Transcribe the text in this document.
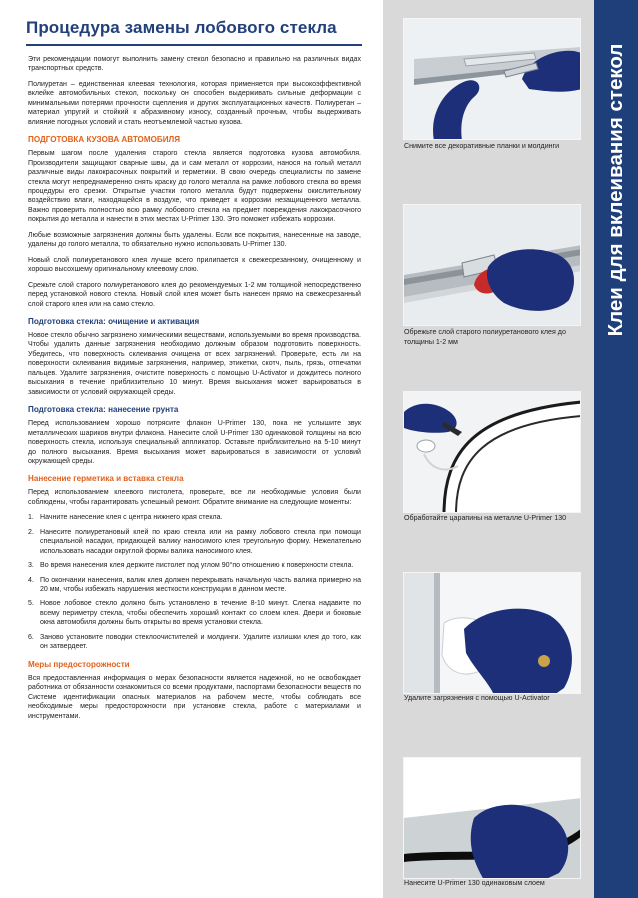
Процедура замены лобового стекла

Эти рекомендации помогут выполнить замену стекол безопасно и правильно на различных видах транспортных средств.

Полиуретан – единственная клеевая технология, которая применяется при высокоэффективной вклейке автомобильных стекол, поскольку он способен выдерживать сильные деформации с минимальными потерями прочности сцепления и других эксплуатационных качеств. Полиуретан – материал упругий и стойкий к абразивному износу, созданный прочным, чтобы выдерживать влияние погодных условий и стать неотъемлемой частью кузова.

ПОДГОТОВКА КУЗОВА АВТОМОБИЛЯ

Первым шагом после удаления старого стекла является подготовка кузова автомобиля. Производители защищают сварные швы, да и сам металл от коррозии, нанося на голый металл различные виды лакокрасочных покрытий и герметики. В свою очередь специалисты по замене стекла могут непреднамеренно снять краску до голого металла на рамке лобового стекла во время процедуры его срезки. Открытые участки голого металла будут подвержены окислительному воздействию влаги, находящейся в воздухе, что приведет к коррозии незащищенного металла. Важно проверить полностью всю рамку лобового стекла на предмет повреждения лакокрасочного покрытия до металла и нанести в этих местах U-Primer 130. Это поможет избежать коррозии.

Любые возможные загрязнения должны быть удалены. Если все покрытия, нанесенные на заводе, удалены до голого металла, то обязательно нужно использовать U-Primer 130.

Новый слой полиуретанового клея лучше всего прилипается к свежесрезанному, очищенному и хорошо высохшему оригинальному клеевому слою.

Срежьте слой старого полиуретанового клея до рекомендуемых 1-2 мм толщиной непосредственно перед установкой нового стекла. Новый слой клея может быть нанесен прямо на свежесрезанный слой старого клея или на само стекло.

Подготовка стекла: очищение и активация

Новое стекло обычно загрязнено химическими веществами, используемыми во время производства. Чтобы удалить данные загрязнения необходимо должным образом подготовить поверхность. Убедитесь, что поверхность склеивания очищена от всех загрязнений. Проверьте, есть ли на поверхности склеивания видимые загрязнения, например, этикетки, скотч, пыль, грязь, отпечатки пальцев. Удалите загрязнения, очистите поверхность с помощью U-Activator и дождитесь полного высыхания в течение приблизительно 10 минут. Время высыхания может варьироваться в зависимости от условий окружающей среды.

Подготовка стекла: нанесение грунта

Перед использованием хорошо потрясите флакон U-Primer 130, пока не услышите звук металлических шариков внутри флакона. Нанесите слой U-Primer 130 одинаковой толщины на всю поверхность стекла, используя специальный аппликатор. Оставьте приблизительно на 5-10 минут до полного высыхания. Время высыхания может варьироваться в зависимости от условий окружающей среды.

Нанесение герметика и вставка стекла

Перед использованием клеевого пистолета, проверьте, все ли необходимые условия были соблюдены, чтобы гарантировать успешный ремонт. Обратите внимание на следующие моменты:

1. Начните нанесение клея с центра нижнего края стекла.
2. Нанесите полиуретановый клей по краю стекла или на рамку лобового стекла при помощи специальной насадки, придающей валику наносимого клея треугольную форму. Нежелательно использовать насадки округлой формы валика наносимого клея.
3. Во время нанесения клея держите пистолет под углом 90°по отношению к поверхности стекла.
4. По окончании нанесения, валик клея должен перекрывать начальную часть валика примерно на 20 мм, чтобы избежать нарушения жесткости конструкции в данном месте.
5. Новое лобовое стекло должно быть установлено в течение 8-10 минут. Слегка надавите по всему периметру стекла, чтобы обеспечить хороший контакт со слоем клея. Двери и боковые окна автомобиля должны быть открыты во время установки стекла.
6. Заново установите поводки стеклоочистителей и молдинги. Удалите излишки клея до того, как он затвердеет.
Меры предосторожности

Вся предоставленная информация о мерах безопасности является надежной, но не освобождает работника от обязанности ознакомиться со всеми продуктами, паспортами безопасности веществ по Системе идентификации опасных материалов на рабочем месте, чтобы соблюдать все необходимые меры предосторожности при установке стекла, работе с материалами и инструментами.

Снимите все декоративные планки и молдинги
Обрежьте слой старого полиуретанового клея до толщины 1-2 мм
Обработайте царапины на металле U-Primer 130
Удалите загрязнения с помощью U-Activator
Нанесите U-Primer 130 одинаковым слоем
Клеи для вклеивания стекол
